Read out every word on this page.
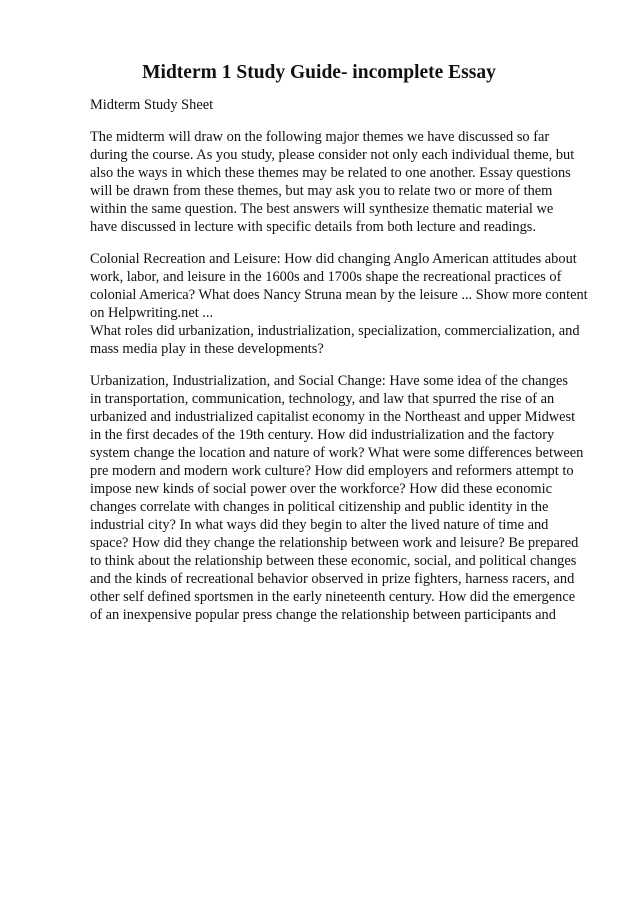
Midterm 1 Study Guide- incomplete Essay
Midterm Study Sheet
The midterm will draw on the following major themes we have discussed so far
during the course. As you study, please consider not only each individual theme, but
also the ways in which these themes may be related to one another. Essay questions
will be drawn from these themes, but may ask you to relate two or more of them
within the same question. The best answers will synthesize thematic material we
have discussed in lecture with specific details from both lecture and readings.
Colonial Recreation and Leisure: How did changing Anglo American attitudes about
work, labor, and leisure in the 1600s and 1700s shape the recreational practices of
colonial America? What does Nancy Struna mean by the leisure ... Show more content
on Helpwriting.net ...
What roles did urbanization, industrialization, specialization, commercialization, and
mass media play in these developments?
Urbanization, Industrialization, and Social Change: Have some idea of the changes
in transportation, communication, technology, and law that spurred the rise of an
urbanized and industrialized capitalist economy in the Northeast and upper Midwest
in the first decades of the 19th century. How did industrialization and the factory
system change the location and nature of work? What were some differences between
pre modern and modern work culture? How did employers and reformers attempt to
impose new kinds of social power over the workforce? How did these economic
changes correlate with changes in political citizenship and public identity in the
industrial city? In what ways did they begin to alter the lived nature of time and
space? How did they change the relationship between work and leisure? Be prepared
to think about the relationship between these economic, social, and political changes
and the kinds of recreational behavior observed in prize fighters, harness racers, and
other self defined sportsmen in the early nineteenth century. How did the emergence
of an inexpensive popular press change the relationship between participants and
